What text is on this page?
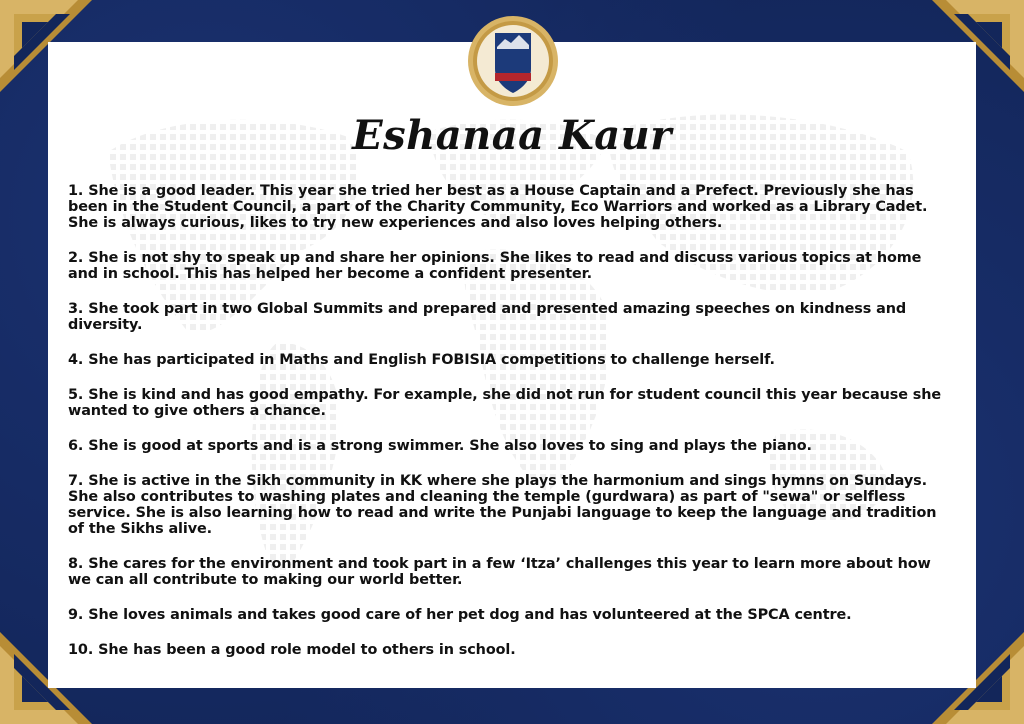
Eshanaa Kaur
1. She is a good leader. This year she tried her best as a House Captain and a Prefect. Previously she has been in the Student Council, a part of the Charity Community, Eco Warriors and worked as a Library Cadet. She is always curious, likes to try new experiences and also loves helping others.
2. She is not shy to speak up and share her opinions. She likes to read and discuss various topics at home and in school. This has helped her become a confident presenter.
3. She took part in two Global Summits and prepared and presented amazing speeches on kindness and diversity.
4. She has participated in Maths and English FOBISIA competitions to challenge herself.
5. She is kind and has good empathy. For example, she did not run for student council this year because she wanted to give others a chance.
6. She is good at sports and is a strong swimmer. She also loves to sing and plays the piano.
7. She is active in the Sikh community in KK where she plays the harmonium and sings hymns on Sundays. She also contributes to washing plates and cleaning the temple (gurdwara) as part of "sewa" or selfless service. She is also learning how to read and write the Punjabi language to keep the language and tradition of the Sikhs alive.
8. She cares for the environment and took part in a few ‘Itza’ challenges this year to learn more about how we can all contribute to making our world better.
9. She loves animals and takes good care of her pet dog and has volunteered at the SPCA centre.
10. She has been a good role model to others in school.
